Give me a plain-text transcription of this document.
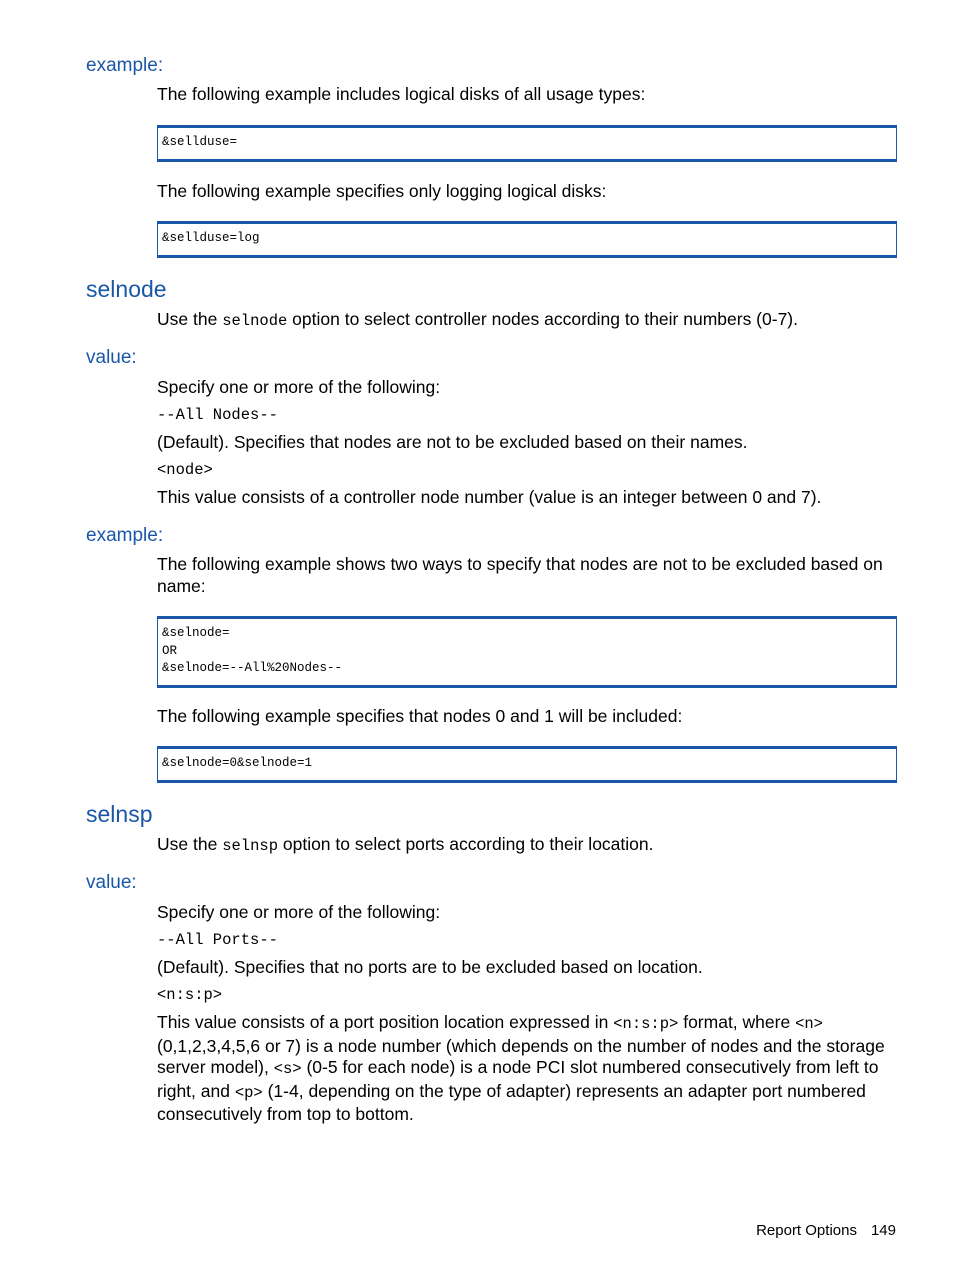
example:

The following example includes logical disks of all usage types:

&sellduse=

The following example specifies only logging logical disks:

&sellduse=log
selnode

Use the selnode option to select controller nodes according to their numbers (0-7).

value:

Specify one or more of the following:

--All Nodes--

(Default). Specifies that nodes are not to be excluded based on their names.

<node>

This value consists of a controller node number (value is an integer between 0 and 7).

example:

The following example shows two ways to specify that nodes are not to be excluded based on name:

&selnode=
OR
&selnode=--All%20Nodes--

The following example specifies that nodes 0 and 1 will be included:

&selnode=0&selnode=1
selnsp

Use the selnsp option to select ports according to their location.

value:

Specify one or more of the following:

--All Ports--

(Default). Specifies that no ports are to be excluded based on location.

<n:s:p>

This value consists of a port position location expressed in <n:s:p> format, where <n> (0,1,2,3,4,5,6 or 7) is a node number (which depends on the number of nodes and the storage server model), <s> (0-5 for each node) is a node PCI slot numbered consecutively from left to right, and <p> (1-4, depending on the type of adapter) represents an adapter port numbered consecutively from top to bottom.

Report Options 149
